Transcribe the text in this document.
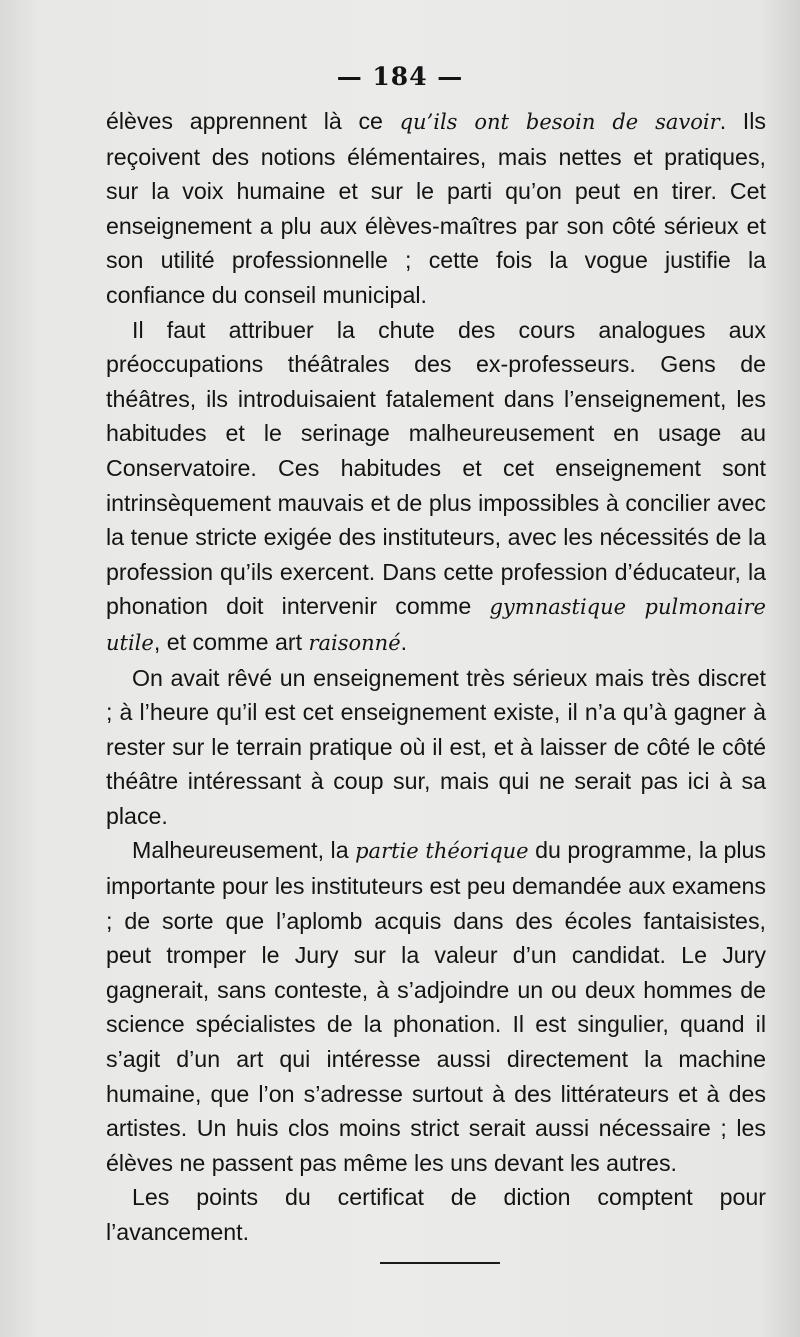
— 184 —

élèves apprennent là ce qu’ils ont besoin de savoir. Ils reçoivent des notions élémentaires, mais nettes et pratiques, sur la voix humaine et sur le parti qu’on peut en tirer. Cet enseignement a plu aux élèves-maîtres par son côté sérieux et son utilité professionnelle ; cette fois la vogue justifie la confiance du conseil municipal.

Il faut attribuer la chute des cours analogues aux préoccupations théâtrales des ex-professeurs. Gens de théâtres, ils introduisaient fatalement dans l’enseignement, les habitudes et le serinage malheureusement en usage au Conservatoire. Ces habitudes et cet enseignement sont intrinsèquement mauvais et de plus impossibles à concilier avec la tenue stricte exigée des instituteurs, avec les nécessités de la profession qu’ils exercent. Dans cette profession d’éducateur, la phonation doit intervenir comme gymnastique pulmonaire utile, et comme art raisonné.

On avait rêvé un enseignement très sérieux mais très discret ; à l’heure qu’il est cet enseignement existe, il n’a qu’à gagner à rester sur le terrain pratique où il est, et à laisser de côté le côté théâtre intéressant à coup sur, mais qui ne serait pas ici à sa place.

Malheureusement, la partie théorique du programme, la plus importante pour les instituteurs est peu demandée aux examens ; de sorte que l’aplomb acquis dans des écoles fantaisistes, peut tromper le Jury sur la valeur d’un candidat. Le Jury gagnerait, sans conteste, à s’adjoindre un ou deux hommes de science spécialistes de la phonation. Il est singulier, quand il s’agit d’un art qui intéresse aussi directement la machine humaine, que l’on s’adresse surtout à des littérateurs et à des artistes. Un huis clos moins strict serait aussi nécessaire ; les élèves ne passent pas même les uns devant les autres.

Les points du certificat de diction comptent pour l’avancement.
